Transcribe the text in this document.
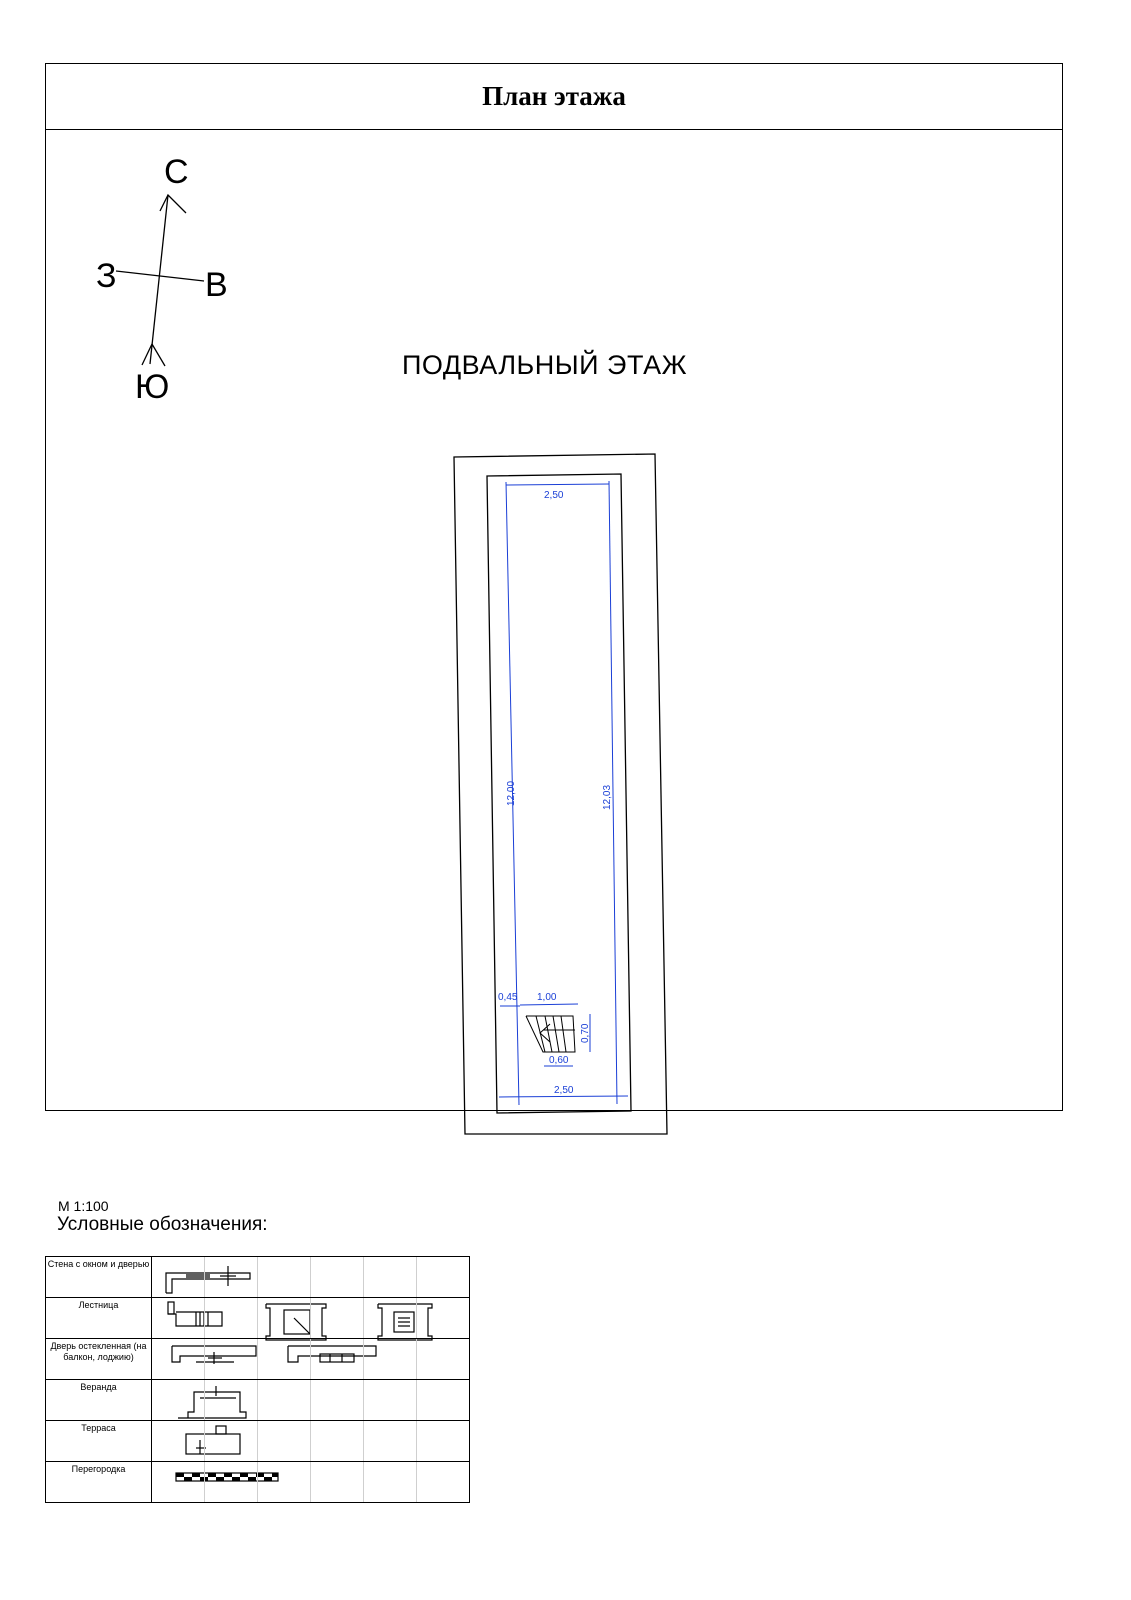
План этажа
С
З	В
Ю
2,50
2,50
12,00	12,03
0,45 1,00
0,70
0,60
ПОДВАЛЬНЫЙ ЭТАЖ
М 1:100
Условные обозначения:
Стена с окном и дверью	

Лестница	

Дверь остекленная (на балкон, лоджию)	

Веранда	

Терраса	

Перегородка	
